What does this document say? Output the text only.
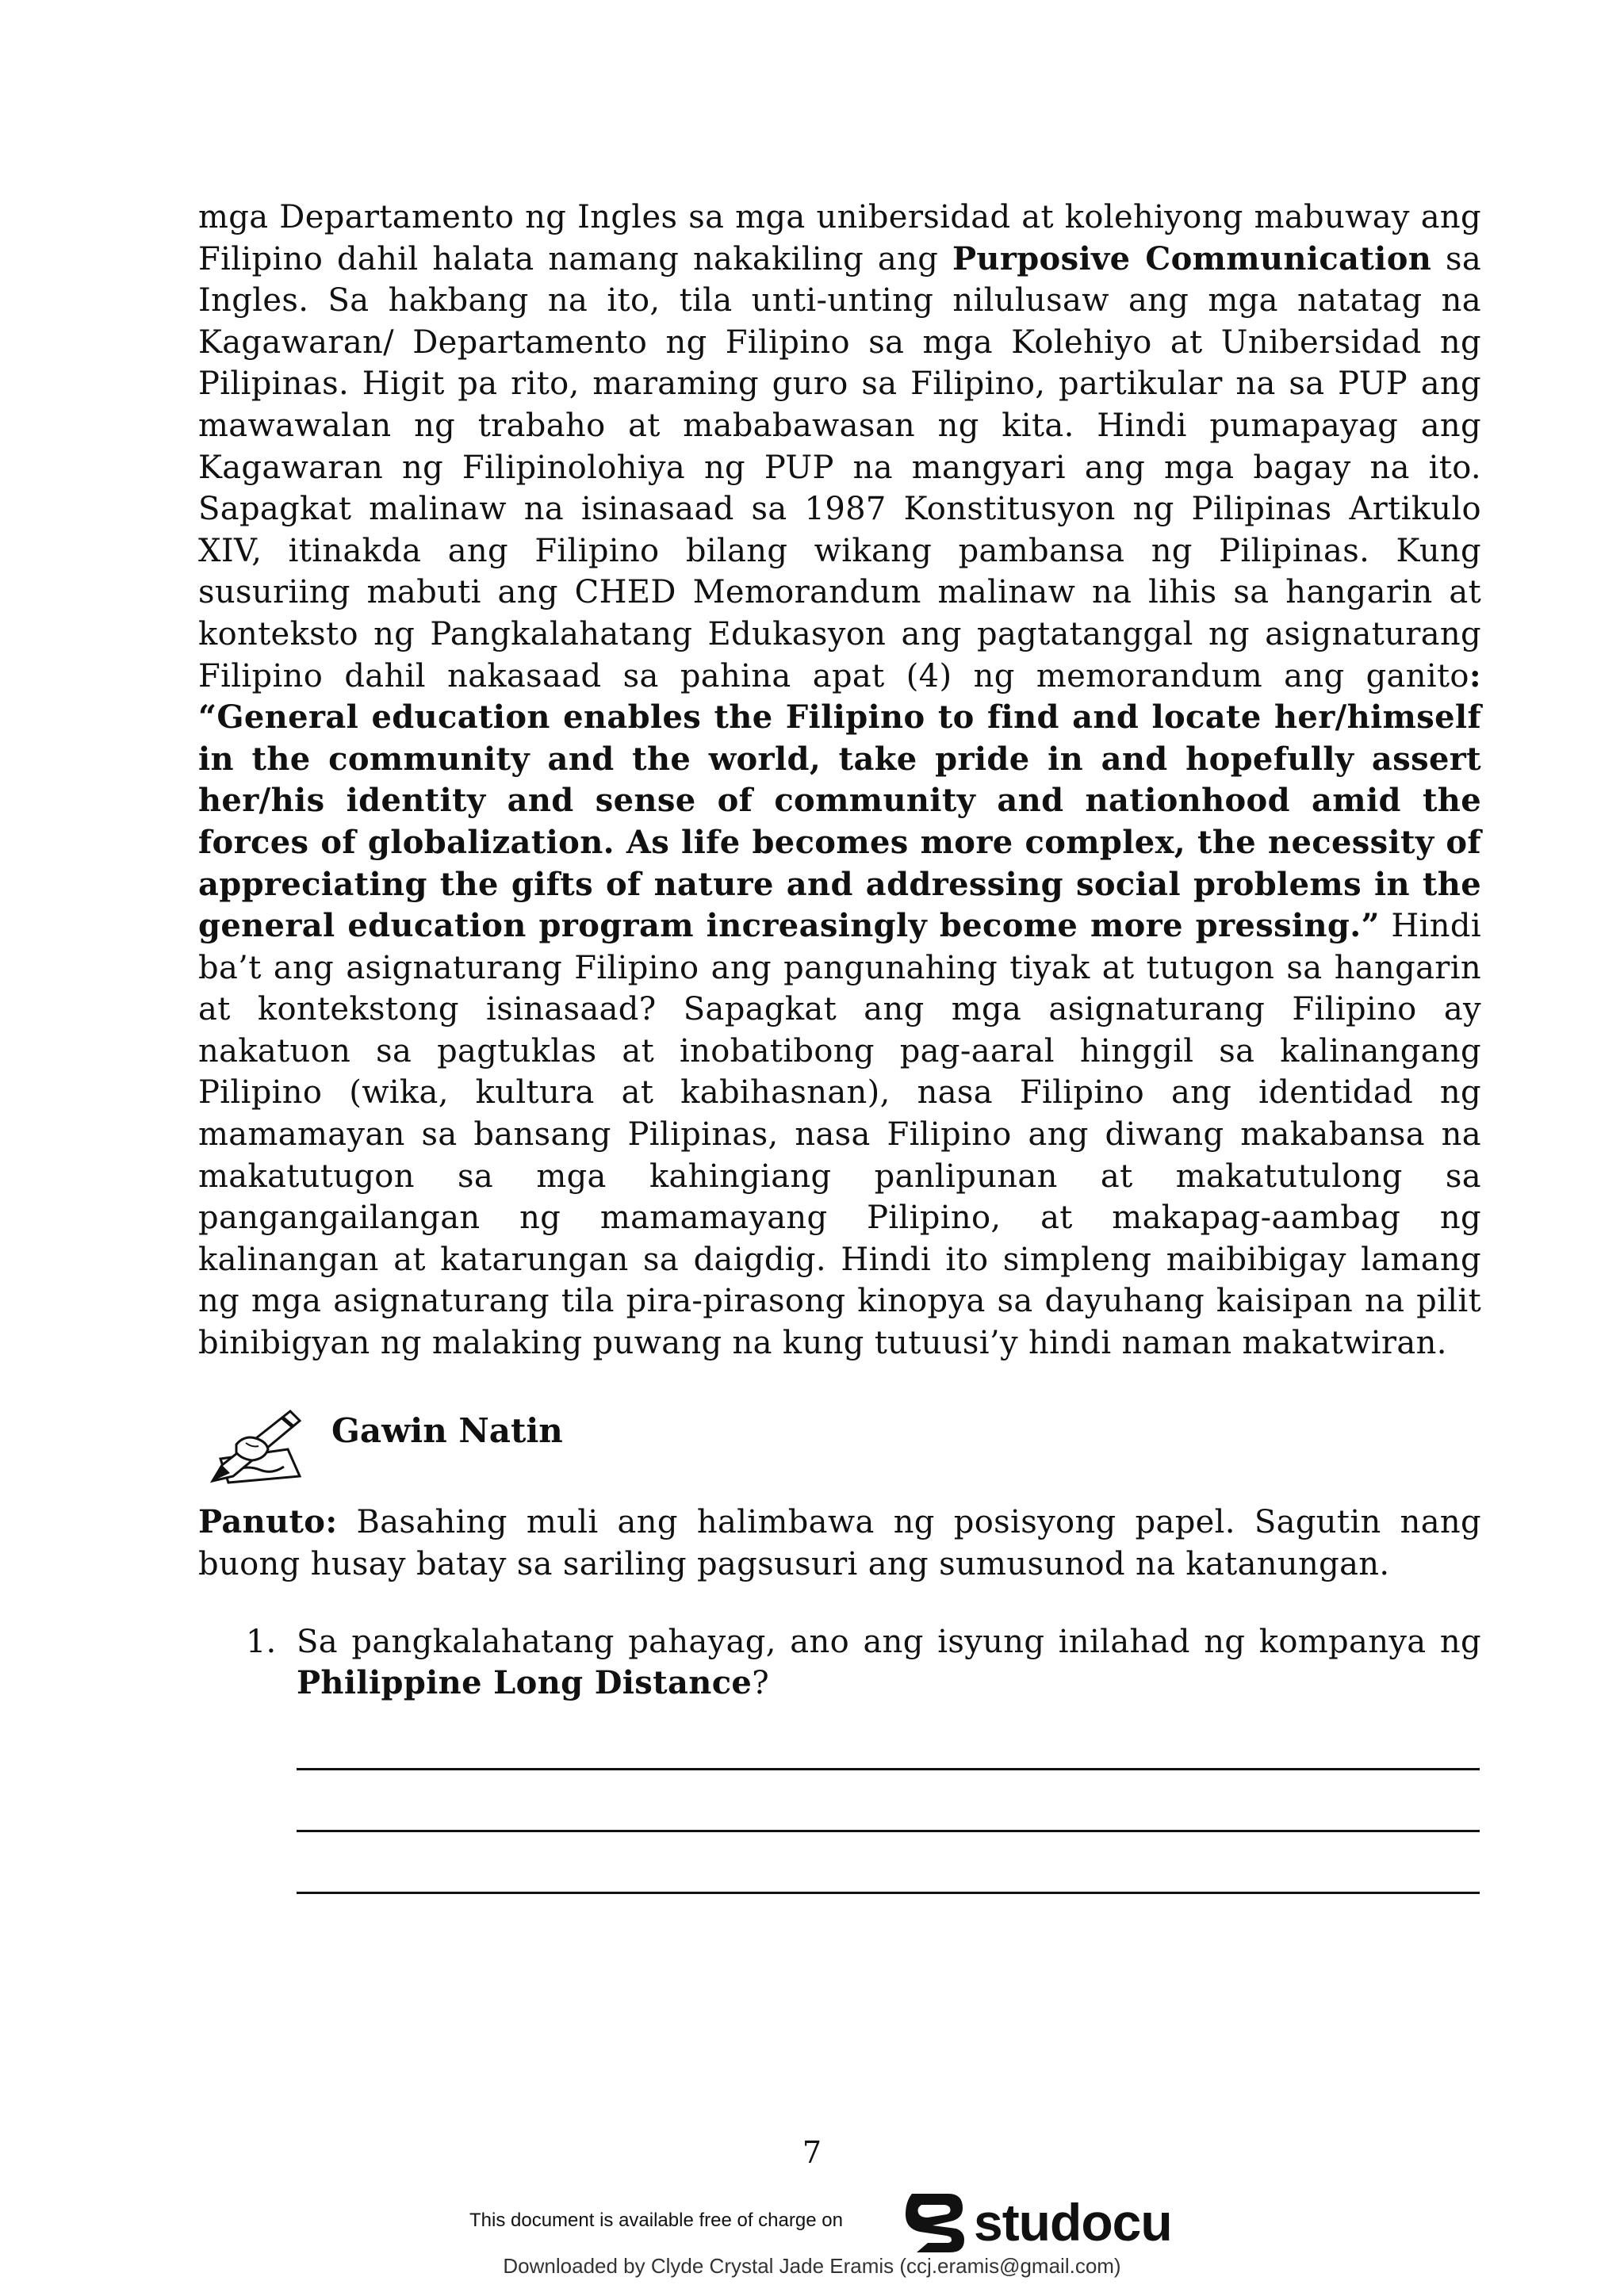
mga Departamento ng Ingles sa mga unibersidad at kolehiyong mabuway ang Filipino dahil halata namang nakakiling ang Purposive Communication sa Ingles. Sa hakbang na ito, tila unti-unting nilulusaw ang mga natatag na Kagawaran/ Departamento ng Filipino sa mga Kolehiyo at Unibersidad ng Pilipinas. Higit pa rito, maraming guro sa Filipino, partikular na sa PUP ang mawawalan ng trabaho at mababawasan ng kita. Hindi pumapayag ang Kagawaran ng Filipinolohiya ng PUP na mangyari ang mga bagay na ito. Sapagkat malinaw na isinasaad sa 1987 Konstitusyon ng Pilipinas Artikulo XIV, itinakda ang Filipino bilang wikang pambansa ng Pilipinas. Kung susuriing mabuti ang CHED Memorandum malinaw na lihis sa hangarin at konteksto ng Pangkalahatang Edukasyon ang pagtatanggal ng asignaturang Filipino dahil nakasaad sa pahina apat (4) ng memorandum ang ganito: “General education enables the Filipino to find and locate her/himself in the community and the world, take pride in and hopefully assert her/his identity and sense of community and nationhood amid the forces of globalization. As life becomes more complex, the necessity of appreciating the gifts of nature and addressing social problems in the general education program increasingly become more pressing.” Hindi ba’t ang asignaturang Filipino ang pangunahing tiyak at tutugon sa hangarin at kontekstong isinasaad? Sapagkat ang mga asignaturang Filipino ay nakatuon sa pagtuklas at inobatibong pag-aaral hinggil sa kalinangang Pilipino (wika, kultura at kabihasnan), nasa Filipino ang identidad ng mamamayan sa bansang Pilipinas, nasa Filipino ang diwang makabansa na makatutugon sa mga kahingiang panlipunan at makatutulong sa pangangailangan ng mamamayang Pilipino, at makapag-aambag ng kalinangan at katarungan sa daigdig. Hindi ito simpleng maibibigay lamang ng mga asignaturang tila pira-pirasong kinopya sa dayuhang kaisipan na pilit binibigyan ng malaking puwang na kung tutuusi’y hindi naman makatwiran.

Gawin Natin

Panuto: Basahing muli ang halimbawa ng posisyong papel. Sagutin nang buong husay batay sa sariling pagsusuri ang sumusunod na katanungan.

1. Sa pangkalahatang pahayag, ano ang isyung inilahad ng kompanya ng Philippine Long Distance?
7
This document is available free of charge on	studocu
Downloaded by Clyde Crystal Jade Eramis (ccj.eramis@gmail.com)
